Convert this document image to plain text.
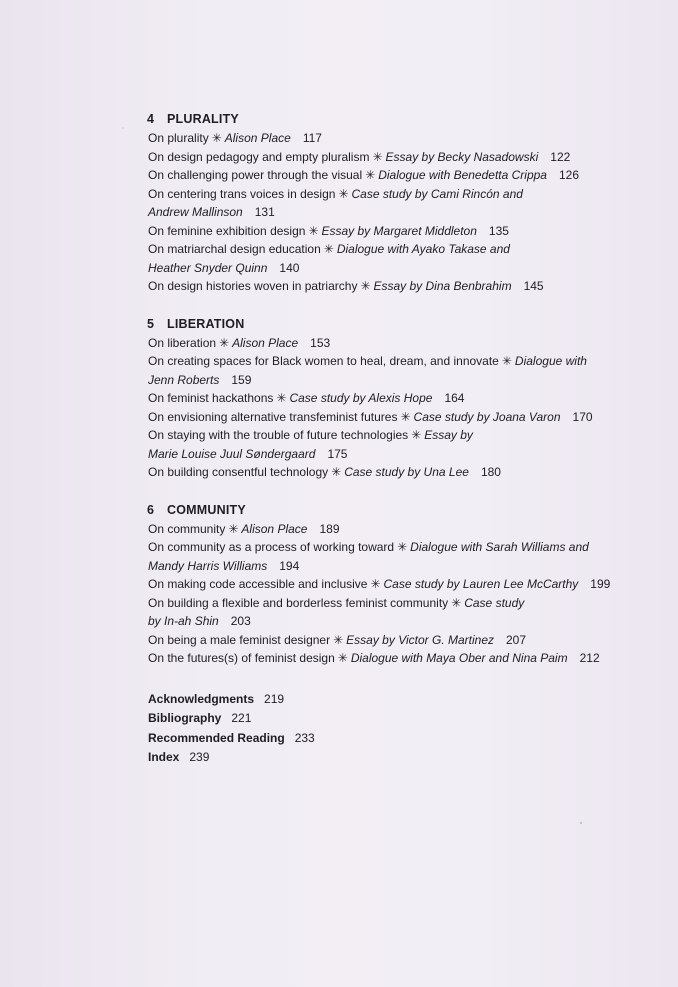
4 PLURALITY
On plurality ✳ Alison Place 117
On design pedagogy and empty pluralism ✳ Essay by Becky Nasadowski 122
On challenging power through the visual ✳ Dialogue with Benedetta Crippa 126
On centering trans voices in design ✳ Case study by Cami Rincón and
Andrew Mallinson 131
On feminine exhibition design ✳ Essay by Margaret Middleton 135
On matriarchal design education ✳ Dialogue with Ayako Takase and
Heather Snyder Quinn 140
On design histories woven in patriarchy ✳ Essay by Dina Benbrahim 145
5 LIBERATION
On liberation ✳ Alison Place 153
On creating spaces for Black women to heal, dream, and innovate ✳ Dialogue with
Jenn Roberts 159
On feminist hackathons ✳ Case study by Alexis Hope 164
On envisioning alternative transfeminist futures ✳ Case study by Joana Varon 170
On staying with the trouble of future technologies ✳ Essay by
Marie Louise Juul Søndergaard 175
On building consentful technology ✳ Case study by Una Lee 180
6 COMMUNITY
On community ✳ Alison Place 189
On community as a process of working toward ✳ Dialogue with Sarah Williams and
Mandy Harris Williams 194
On making code accessible and inclusive ✳ Case study by Lauren Lee McCarthy 199
On building a flexible and borderless feminist community ✳ Case study
by In-ah Shin 203
On being a male feminist designer ✳ Essay by Victor G. Martinez 207
On the futures(s) of feminist design ✳ Dialogue with Maya Ober and Nina Paim 212
Acknowledgments 219
Bibliography 221
Recommended Reading 233
Index 239
